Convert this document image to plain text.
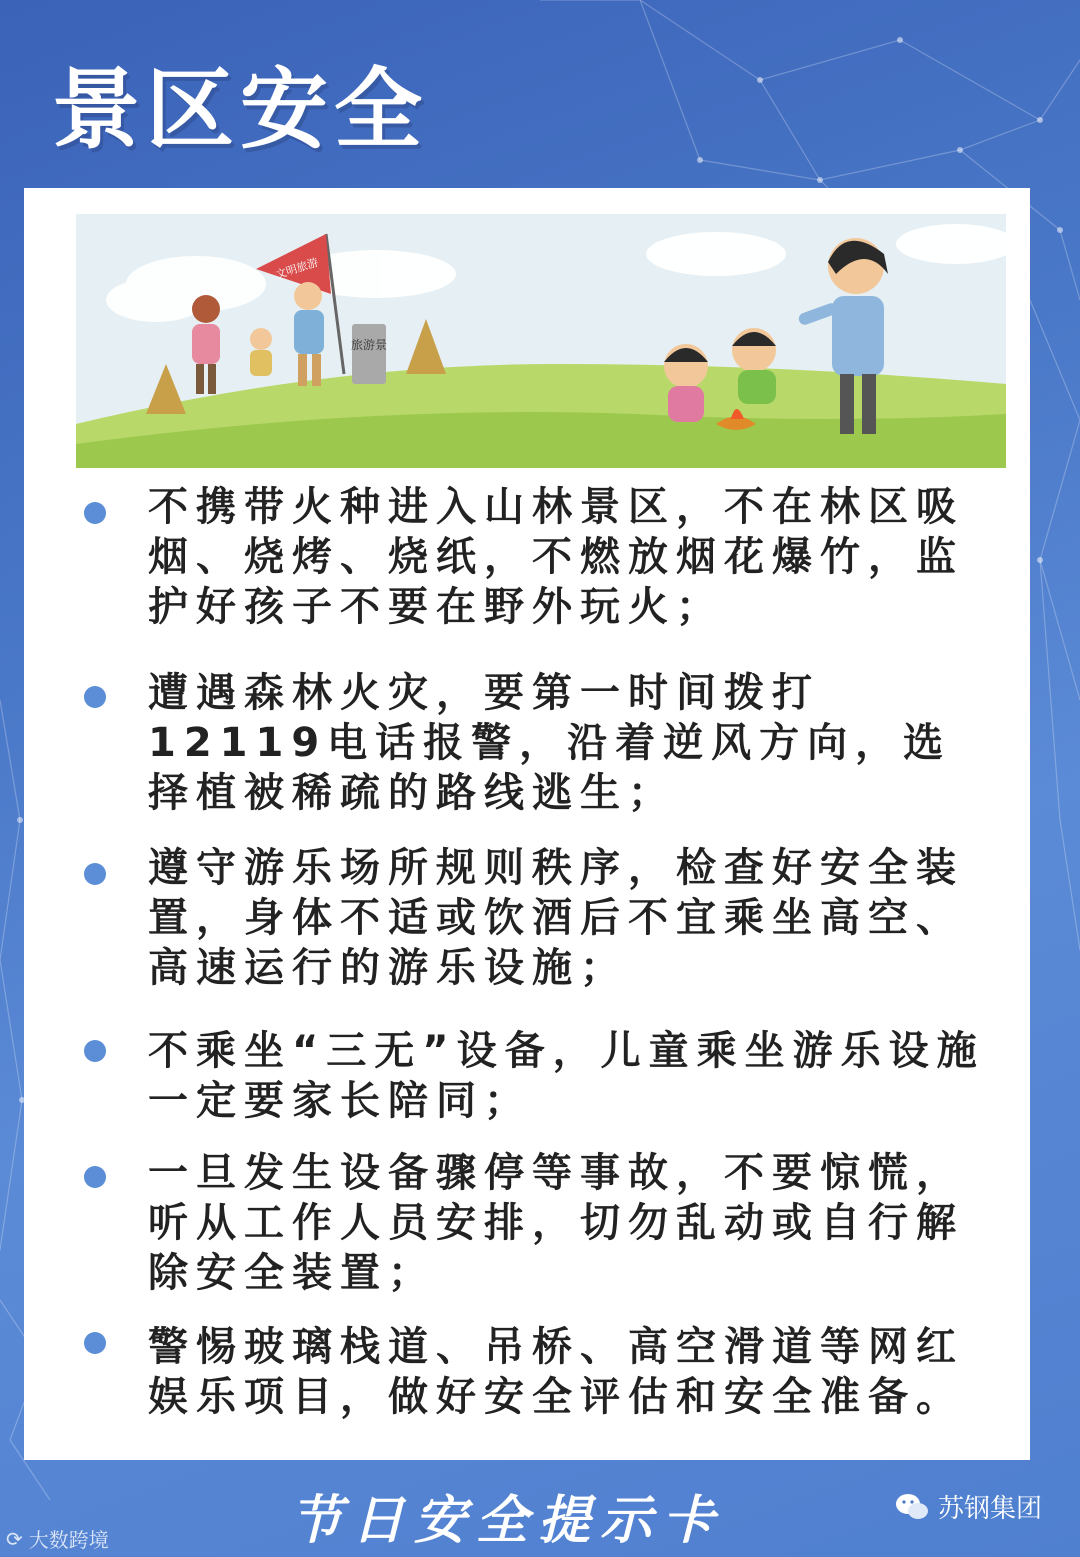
景区安全
旅游景
文明旅游
不携带火种进入山林景区，不在林区吸烟、烧烤、烧纸，不燃放烟花爆竹，监护好孩子不要在野外玩火；
遭遇森林火灾，要第一时间拨打12119电话报警，沿着逆风方向，选择植被稀疏的路线逃生；
遵守游乐场所规则秩序，检查好安全装置，身体不适或饮酒后不宜乘坐高空、高速运行的游乐设施；
不乘坐“三无”设备，儿童乘坐游乐设施一定要家长陪同；
一旦发生设备骤停等事故，不要惊慌，听从工作人员安排，切勿乱动或自行解除安全装置；
警惕玻璃栈道、吊桥、高空滑道等网红娱乐项目，做好安全评估和安全准备。
节日安全提示卡	苏钢集团
⟳ 大数跨境
